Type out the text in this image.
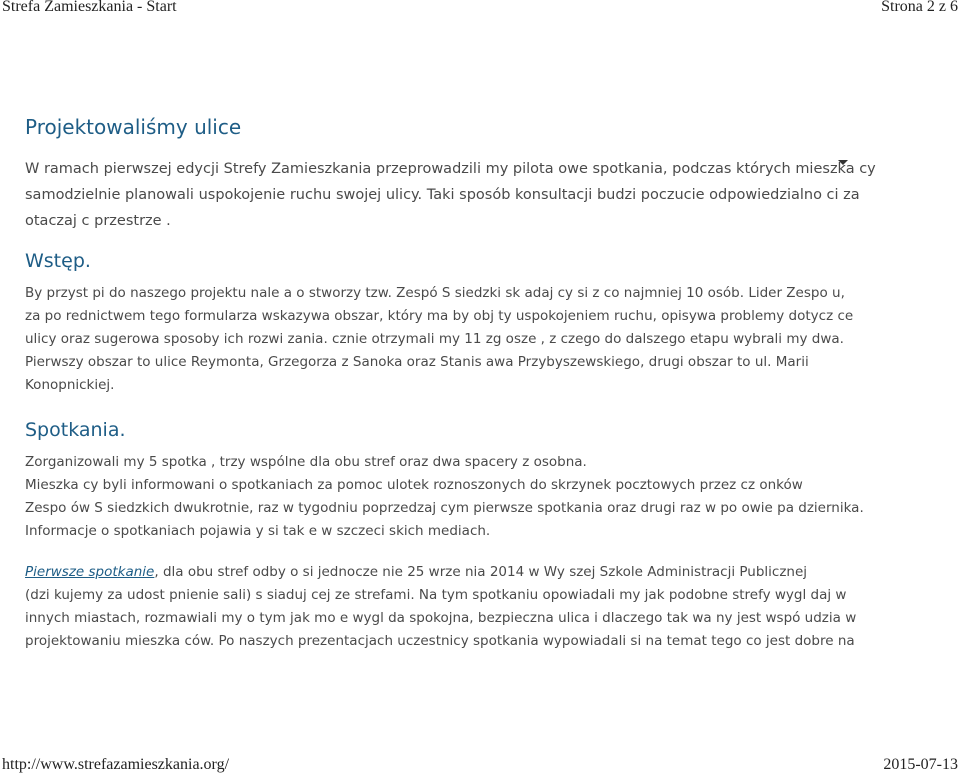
Strefa Zamieszkania - Start	Strona 2 z 6
Projektowaliśmy ulice

W ramach pierwszej edycji Strefy Zamieszkania przeprowadzili my pilota owe spotkania, podczas których mieszka cy
samodzielnie planowali uspokojenie ruchu swojej ulicy. Taki sposób konsultacji budzi poczucie odpowiedzialno ci za
otaczaj c przestrze .

Wstęp.

By przyst pi do naszego projektu nale a o stworzy tzw. Zespó S siedzki sk adaj cy si z co najmniej 10 osób. Lider Zespo u,
za po rednictwem tego formularza wskazywa obszar, który ma by obj ty uspokojeniem ruchu, opisywa problemy dotycz ce
ulicy oraz sugerowa sposoby ich rozwi zania. cznie otrzymali my 11 zg osze , z czego do dalszego etapu wybrali my dwa.
Pierwszy obszar to ulice Reymonta, Grzegorza z Sanoka oraz Stanis awa Przybyszewskiego, drugi obszar to ul. Marii
Konopnickiej.

Spotkania.

Zorganizowali my 5 spotka , trzy wspólne dla obu stref oraz dwa spacery z osobna.
Mieszka cy byli informowani o spotkaniach za pomoc ulotek roznoszonych do skrzynek pocztowych przez cz onków
Zespo ów S siedzkich dwukrotnie, raz w tygodniu poprzedzaj cym pierwsze spotkania oraz drugi raz w po owie pa dziernika.
Informacje o spotkaniach pojawia y si tak e w szczeci skich mediach.

Pierwsze spotkanie, dla obu stref odby o si jednocze nie 25 wrze nia 2014 w Wy szej Szkole Administracji Publicznej
(dzi kujemy za udost pnienie sali) s siaduj cej ze strefami. Na tym spotkaniu opowiadali my jak podobne strefy wygl daj w
innych miastach, rozmawiali my o tym jak mo e wygl da spokojna, bezpieczna ulica i dlaczego tak wa ny jest wspó udzia w
projektowaniu mieszka ców. Po naszych prezentacjach uczestnicy spotkania wypowiadali si na temat tego co jest dobre na

http://www.strefazamieszkania.org/	2015-07-13
